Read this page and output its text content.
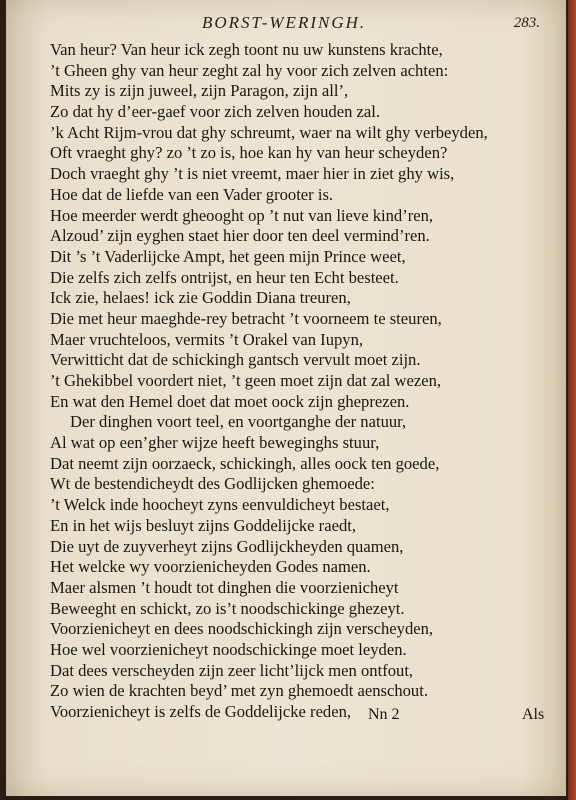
BORST-WERINGH.	283.
Van heur? Van heur ick zegh toont nu uw kunstens krachte,
’t Gheen ghy van heur zeght zal hy voor zich zelven achten:
Mits zy is zijn juweel, zijn Paragon, zijn all’,
Zo dat hy d’eer-gaef voor zich zelven houden zal.
’k Acht Rijm-vrou dat ghy schreumt, waer na wilt ghy verbeyden,
Oft vraeght ghy? zo ’t zo is, hoe kan hy van heur scheyden?
Doch vraeght ghy ’t is niet vreemt, maer hier in ziet ghy wis,
Hoe dat de liefde van een Vader grooter is.
Hoe meerder werdt gheooght op ’t nut van lieve kind’ren,
Alzoud’ zijn eyghen staet hier door ten deel vermind’ren.
Dit ’s ’t Vaderlijcke Ampt, het geen mijn Prince weet,
Die zelfs zich zelfs ontrijst, en heur ten Echt besteet.
Ick zie, helaes! ick zie Goddin Diana treuren,
Die met heur maeghde-rey betracht ’t voorneem te steuren,
Maer vruchteloos, vermits ’t Orakel van Iupyn,
Verwitticht dat de schickingh gantsch vervult moet zijn.
’t Ghekibbel voordert niet, ’t geen moet zijn dat zal wezen,
En wat den Hemel doet dat moet oock zijn gheprezen.
Der dinghen voort teel, en voortganghe der natuur,
Al wat op een’gher wijze heeft beweginghs stuur,
Dat neemt zijn oorzaeck, schickingh, alles oock ten goede,
Wt de bestendicheydt des Godlijcken ghemoede:
’t Welck inde hoocheyt zyns eenvuldicheyt bestaet,
En in het wijs besluyt zijns Goddelijcke raedt,
Die uyt de zuyverheyt zijns Godlijckheyden quamen,
Het welcke wy voorzienicheyden Godes namen.
Maer alsmen ’t houdt tot dinghen die voorzienicheyt
Beweeght en schickt, zo is’t noodschickinge ghezeyt.
Voorzienicheyt en dees noodschickingh zijn verscheyden,
Hoe wel voorzienicheyt noodschickinge moet leyden.
Dat dees verscheyden zijn zeer licht’lijck men ontfout,
Zo wien de krachten beyd’ met zyn ghemoedt aenschout.
Voorzienicheyt is zelfs de Goddelijcke reden,	Nn 2	Als
